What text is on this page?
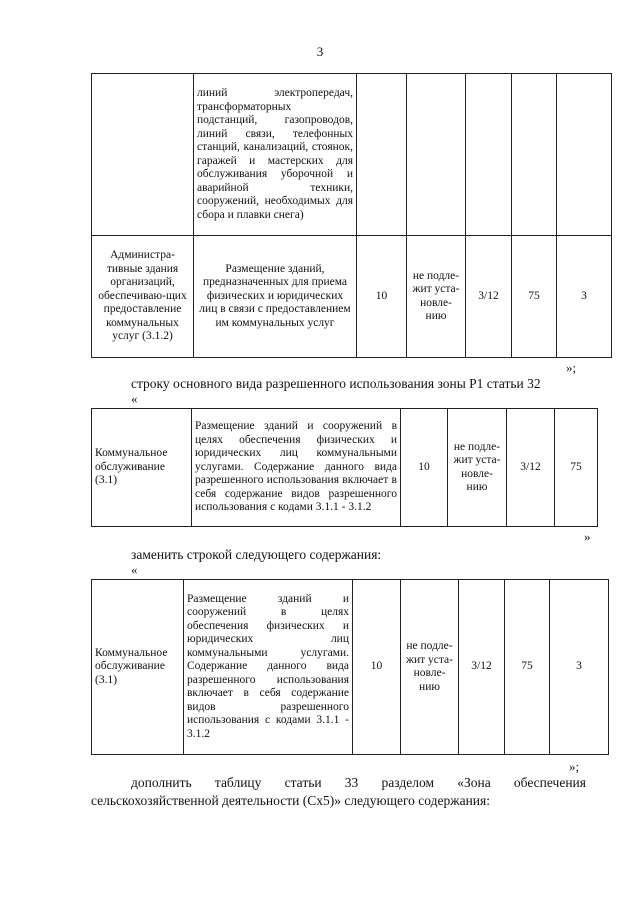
3
	линий электропередач, трансформаторных подстанций, газопроводов, линий связи, телефонных станций, канализаций, стоянок, гаражей и мастерских для обслуживания уборочной и аварийной техники, сооружений, необходимых для сбора и плавки снега)					
Администра-тивные здания организаций, обеспечиваю-щих предоставление коммунальных услуг (3.1.2)	Размещение зданий, предназначенных для приема физических и юридических лиц в связи с предоставлением им коммунальных услуг	10	не подле-жит уста-новле-нию	3/12	75	3
»;
строку основного вида разрешенного использования зоны Р1 статьи 32
«
Коммунальное обслуживание (3.1)	Размещение зданий и сооружений в целях обеспечения физических и юридических лиц коммунальными услугами. Содержание данного вида разрешенного использования включает в себя содержание видов разрешенного использования с кодами 3.1.1 - 3.1.2	10	не подле-жит уста-новле-нию	3/12	75
»
заменить строкой следующего содержания:
«
Коммунальное обслуживание (3.1)	Размещение зданий и сооружений в целях обеспечения физических и юридических лиц коммунальными услугами. Содержание данного вида разрешенного использования включает в себя содержание видов разрешенного использования с кодами 3.1.1 - 3.1.2	10	не подле-жит уста-новле-нию	3/12	75	3
»;
дополнить таблицу статьи 33 разделом «Зона обеспечения
сельскохозяйственной деятельности (Сх5)» следующего содержания:
